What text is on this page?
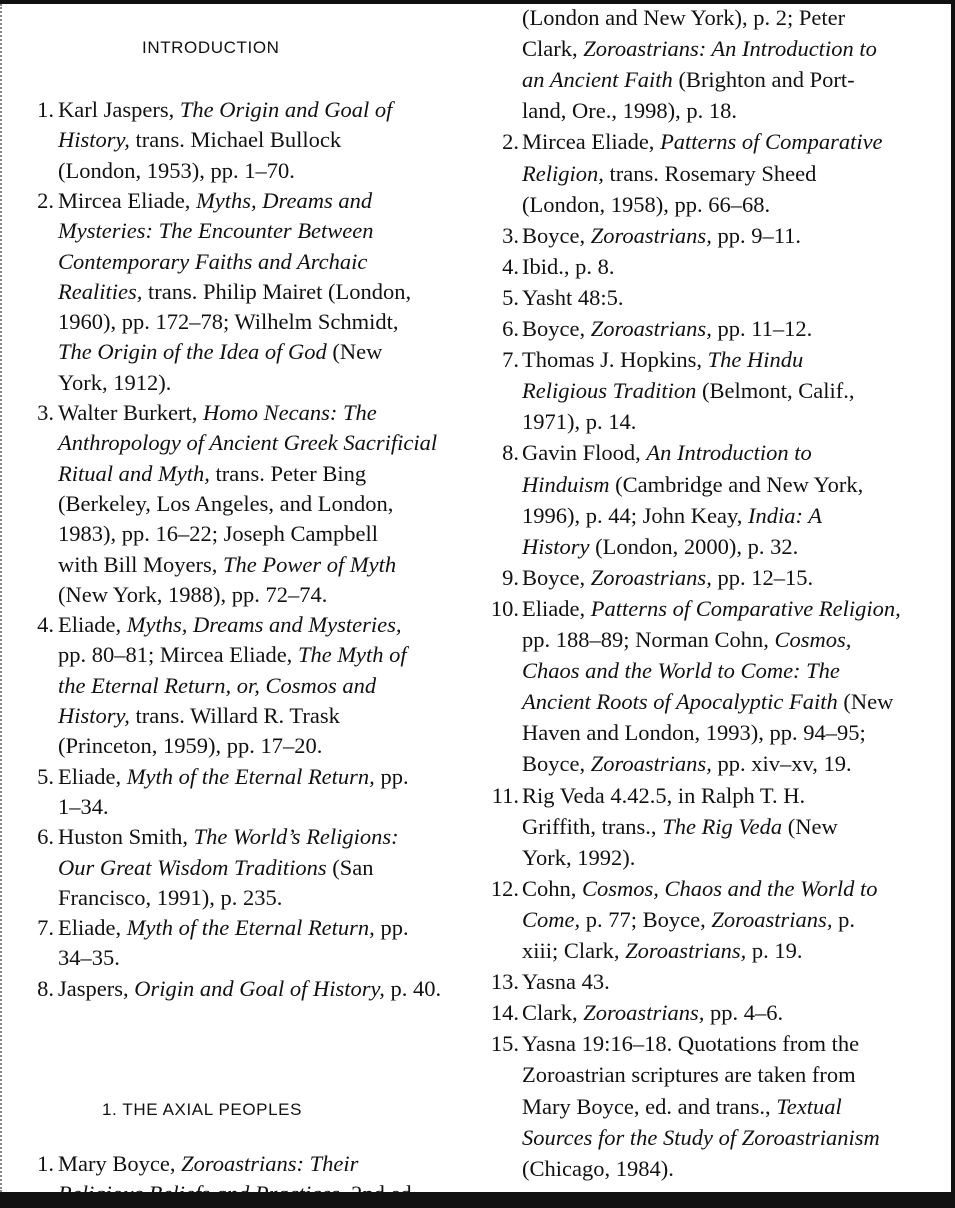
INTRODUCTION
1. THE AXIAL PEOPLES
1. Karl Jaspers, The Origin and Goal of
History, trans. Michael Bullock
(London, 1953), pp. 1–70.
2. Mircea Eliade, Myths, Dreams and
Mysteries: The Encounter Between
Contemporary Faiths and Archaic
Realities, trans. Philip Mairet (London,
1960), pp. 172–78; Wilhelm Schmidt,
The Origin of the Idea of God (New
York, 1912).
3. Walter Burkert, Homo Necans: The
Anthropology of Ancient Greek Sacrificial
Ritual and Myth, trans. Peter Bing
(Berkeley, Los Angeles, and London,
1983), pp. 16–22; Joseph Campbell
with Bill Moyers, The Power of Myth
(New York, 1988), pp. 72–74.
4. Eliade, Myths, Dreams and Mysteries,
pp. 80–81; Mircea Eliade, The Myth of
the Eternal Return, or, Cosmos and
History, trans. Willard R. Trask
(Princeton, 1959), pp. 17–20.
5. Eliade, Myth of the Eternal Return, pp.
1–34.
6. Huston Smith, The World’s Religions:
Our Great Wisdom Traditions (San
Francisco, 1991), p. 235.
7. Eliade, Myth of the Eternal Return, pp.
34–35.
8. Jaspers, Origin and Goal of History, p. 40.
1. Mary Boyce, Zoroastrians: Their
Religious Beliefs and Practices, 2nd ed.
(London and New York), p. 2; Peter
Clark, Zoroastrians: An Introduction to
an Ancient Faith (Brighton and Port-
land, Ore., 1998), p. 18.
2. Mircea Eliade, Patterns of Comparative
Religion, trans. Rosemary Sheed
(London, 1958), pp. 66–68.
3. Boyce, Zoroastrians, pp. 9–11.
4. Ibid., p. 8.
5. Yasht 48:5.
6. Boyce, Zoroastrians, pp. 11–12.
7. Thomas J. Hopkins, The Hindu
Religious Tradition (Belmont, Calif.,
1971), p. 14.
8. Gavin Flood, An Introduction to
Hinduism (Cambridge and New York,
1996), p. 44; John Keay, India: A
History (London, 2000), p. 32.
9. Boyce, Zoroastrians, pp. 12–15.
10. Eliade, Patterns of Comparative Religion,
pp. 188–89; Norman Cohn, Cosmos,
Chaos and the World to Come: The
Ancient Roots of Apocalyptic Faith (New
Haven and London, 1993), pp. 94–95;
Boyce, Zoroastrians, pp. xiv–xv, 19.
11. Rig Veda 4.42.5, in Ralph T. H.
Griffith, trans., The Rig Veda (New
York, 1992).
12. Cohn, Cosmos, Chaos and the World to
Come, p. 77; Boyce, Zoroastrians, p.
xiii; Clark, Zoroastrians, p. 19.
13. Yasna 43.
14. Clark, Zoroastrians, pp. 4–6.
15. Yasna 19:16–18. Quotations from the
Zoroastrian scriptures are taken from
Mary Boyce, ed. and trans., Textual
Sources for the Study of Zoroastrianism
(Chicago, 1984).
